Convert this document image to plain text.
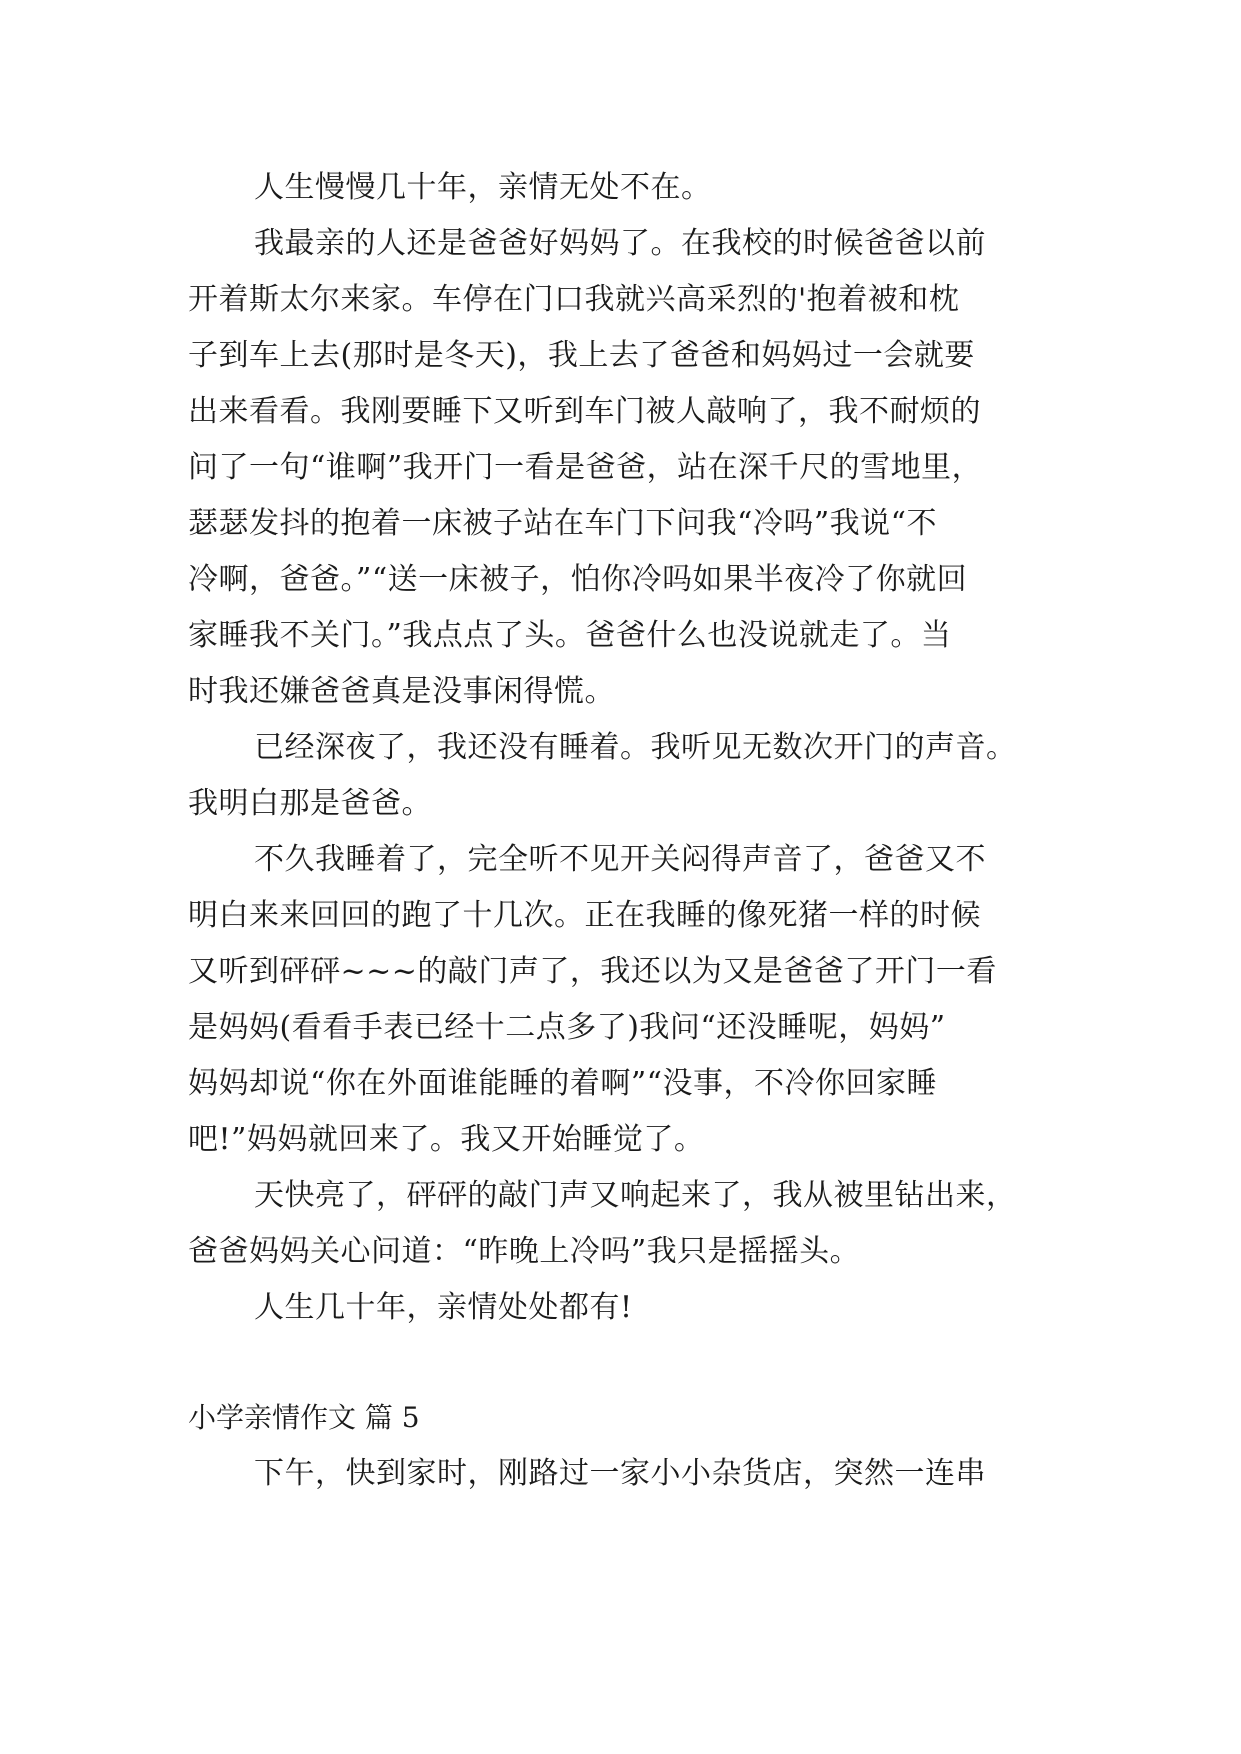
人生慢慢几十年，亲情无处不在。
我最亲的人还是爸爸好妈妈了。在我校的时候爸爸以前
开着斯太尔来家。车停在门口我就兴高采烈的'抱着被和枕
子到车上去(那时是冬天)，我上去了爸爸和妈妈过一会就要
出来看看。我刚要睡下又听到车门被人敲响了，我不耐烦的
问了一句“谁啊”我开门一看是爸爸，站在深千尺的雪地里，
瑟瑟发抖的抱着一床被子站在车门下问我“冷吗”我说“不
冷啊，爸爸。”“送一床被子，怕你冷吗如果半夜冷了你就回
家睡我不关门。”我点点了头。爸爸什么也没说就走了。当
时我还嫌爸爸真是没事闲得慌。
已经深夜了，我还没有睡着。我听见无数次开门的声音。
我明白那是爸爸。
不久我睡着了，完全听不见开关闷得声音了，爸爸又不
明白来来回回的跑了十几次。正在我睡的像死猪一样的时候
又听到砰砰~~~的敲门声了，我还以为又是爸爸了开门一看
是妈妈(看看手表已经十二点多了)我问“还没睡呢，妈妈”
妈妈却说“你在外面谁能睡的着啊”“没事，不冷你回家睡
吧!”妈妈就回来了。我又开始睡觉了。
天快亮了，砰砰的敲门声又响起来了，我从被里钻出来，
爸爸妈妈关心问道：“昨晚上冷吗”我只是摇摇头。
人生几十年，亲情处处都有!
小学亲情作文 篇 5
下午，快到家时，刚路过一家小小杂货店，突然一连串
